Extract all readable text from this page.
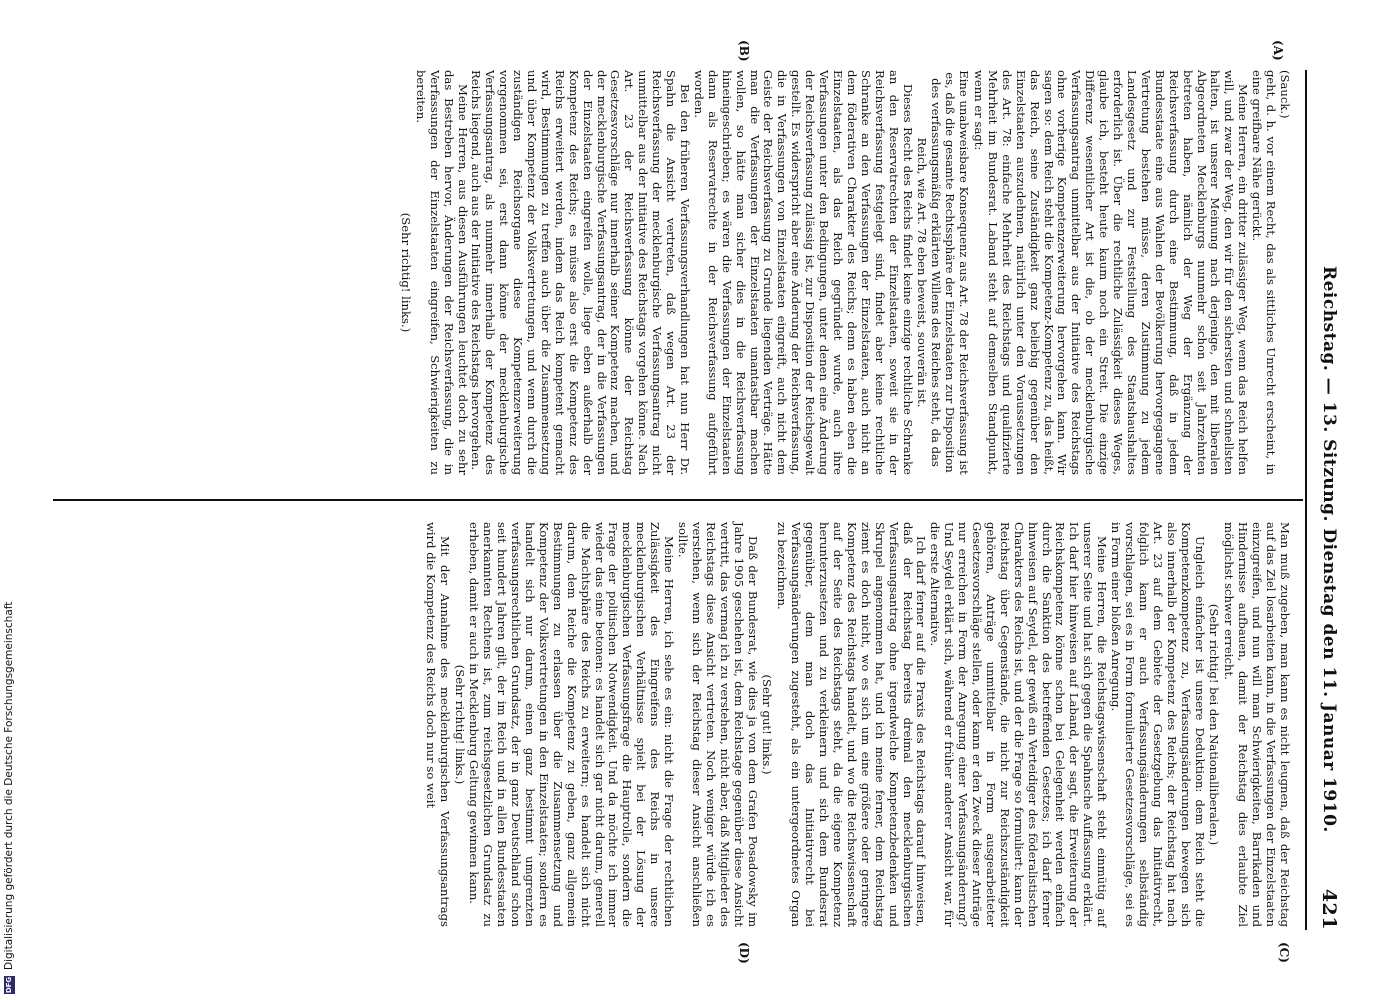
Reichstag. — 13. Sitzung. Dienstag den 11. Januar 1910.
421
(A)
(B)
(C)
(D)

(Sauck.)

geht, d. h. vor einem Recht, das als sittliches Unrecht erscheint, in eine greifbare Nähe gerückt.

Meine Herren, ein dritter zulässiger Weg, wenn das Reich helfen will, und zwar der Weg, den wir für den sichersten und schnellsten halten, ist unserer Meinung nach derjenige, den mit liberalen Abgeordneten Mecklenburgs nunmehr schon seit Jahrzehnten betreten haben, nämlich der Weg der Ergänzung der Reichsverfassung durch eine Bestimmung, daß in jedem Bundesstaate eine aus Wahlen der Bevölkerung hervorgegangene Vertretung bestehen müsse, deren Zustimmung zu jedem Landesgesetz und zur Feststellung des Staatshaushaltes erforderlich ist. Über die rechtliche Zulässigkeit dieses Weges, glaube ich, besteht heute kaum noch ein Streit. Die einzige Differenz wesentlicher Art ist die, ob der mecklenburgische Verfassungsantrag unmittelbar aus der Initiative des Reichstags ohne vorherige Kompetenzerweiterung hervorgehen kann. Wir sagen so: dem Reich steht die Kompetenz-Kompetenz zu, das heißt, das Reich, seine Zuständigkeit ganz beliebig gegenüber den Einzelstaaten auszudehnen, natürlich unter den Voraussetzungen des Art. 78: einfache Mehrheit des Reichstags und qualifizierte Mehrheit im Bundesrat. Laband steht auf demselben Standpunkt, wenn er sagt:

Eine unabweisbare Konsequenz aus Art. 78 der Reichsverfassung ist es, daß die gesamte Rechtssphäre der Einzelstaaten zur Disposition des verfassungsmäßig erklärten Willens des Reiches steht, da das Reich, wie Art. 78 eben beweist, souverän ist.

Dieses Recht des Reichs findet keine einzige rechtliche Schranke an den Reservatrechten der Einzelstaaten, soweit sie in der Reichsverfassung festgelegt sind, findet aber keine rechtliche Schranke an den Verfassungen der Einzelstaaten, auch nicht an dem föderativen Charakter des Reichs; denn es haben eben die Einzelstaaten, als das Reich gegründet wurde, auch ihre Verfassungen unter den Bedingungen, unter denen eine Änderung der Reichsverfassung zulässig ist, zur Disposition der Reichsgewalt gestellt. Es widerspricht aber eine Änderung der Reichsverfassung, die in Verfassungen von Einzelstaaten eingreift, auch nicht dem Geiste der Reichsverfassung zu Grunde liegenden Verträge. Hätte man die Verfassungen der Einzelstaaten unantastbar machen wollen, so hätte man sicher dies in die Reichsverfassung hineingeschrieben; es wären die Verfassungen der Einzelstaaten dann als Reservatrechte in der Reichsverfassung aufgeführt worden.

Bei den früheren Verfassungsverhandlungen hat nun Herr Dr. Spahn die Ansicht vertreten, daß wegen Art. 23 der Reichsverfassung der mecklenburgische Verfassungsantrag nicht unmittelbar aus der Initiative des Reichstags vorgehen könne. Nach Art. 23 der Reichsverfassung könne der Reichstag Gesetzesvorschläge nur innerhalb seiner Kompetenz machen, und der mecklenburgische Verfassungsantrag, der in die Verfassungen der Einzelstaaten eingreifen wolle, liege eben außerhalb der Kompetenz des Reichs; es müsse also erst die Kompetenz des Reichs erweitert werden, indem das Reich kompetent gemacht wird, Bestimmungen zu treffen auch über die Zusammensetzung und über Kompetenz der Volksvertretungen, und wenn durch die zuständigen Reichsorgane diese Kompetenzerweiterung vorgenommen sei, erst dann könne der mecklenburgische Verfassungsantrag, als nunmehr innerhalb der Kompetenz des Reichs liegend, auch aus der Initiative des Reichstags hervorgehen.

Meine Herren, aus diesen Ausführungen leuchtet doch zu sehr das Bestreben hervor, Änderungen der Reichsverfassung, die in Verfassungen der Einzelstaaten eingreifen, Schwierigkeiten zu bereiten.

(Sehr richtig! links.)

Man muß zugeben, man kann es nicht leugnen, daß der Reichstag auf das Ziel losarbeiten kann, in die Verfassungen der Einzelstaaten einzugreifen, und nun will man Schwierigkeiten, Barrikaden und Hindernisse aufbauen, damit der Reichstag dies erlaubte Ziel möglichst schwer erreicht.

(Sehr richtig! bei den Nationalliberalen.)

Ungleich einfacher ist unsere Deduktion: dem Reich steht die Kompetenzkompetenz zu, Verfassungsänderungen bewegen sich also innerhalb der Kompetenz des Reichs; der Reichstag hat nach Art. 23 auf dem Gebiete der Gesetzgebung das Initiativrecht, folglich kann er auch Verfassungsänderungen selbständig vorschlagen, sei es in Form formulierter Gesetzesvorschläge, sei es in Form einer bloßen Anregung.

Meine Herren, die Reichstagswissenschaft steht einmütig auf unserer Seite und hat sich gegen die Spahnsche Auffassung erklärt. Ich darf hier hinweisen auf Laband, der sagt, die Erweiterung der Reichskompetenz könne schon bei Gelegenheit werden einfach durch die Sanktion des betreffenden Gesetzes; ich darf ferner hinweisen auf Seydel, der gewiß ein Verteidiger des föderalistischen Charakters des Reichs ist, und der die Frage so formuliert: kann der Reichstag über Gegenstände, die nicht zur Reichszuständigkeit gehören, Anträge unmittelbar in Form ausgearbeiteter Gesetzesvorschläge stellen, oder kann er den Zweck dieser Anträge nur erreichen in Form der Anregung einer Verfassungsänderung? Und Seydel erklärt sich, während er früher anderer Ansicht war, für die erste Alternative.

Ich darf ferner auf die Praxis des Reichstags darauf hinweisen, daß der Reichstag bereits dreimal den mecklenburgischen Verfassungsantrag ohne irgendwelche Kompetenzbedenken und Skrupel angenommen hat, und ich meine ferner, dem Reichstag ziemt es doch nicht, wo es sich um eine größere oder geringere Kompetenz des Reichstags handelt, und wo die Reichswissenschaft auf der Seite des Reichstags steht, da die eigene Kompetenz herunterzusetzen und zu verkleinern und sich dem Bundesrat gegenüber, dem man doch das Initiativrecht bei Verfassungsänderungen zugesteht, als ein untergeordnetes Organ zu bezeichnen.

(Sehr gut! links.)

Daß der Bundesrat, wie dies ja von dem Grafen Posadowsky im Jahre 1905 geschehen ist, dem Reichstage gegenüber diese Ansicht vertritt, das vermag ich zu verstehen, nicht aber, daß Mitglieder des Reichstags diese Ansicht vertreten. Noch weniger würde ich es verstehen, wenn sich der Reichstag dieser Ansicht anschließen sollte.

Meine Herren, ich sehe es ein: nicht die Frage der rechtlichen Zulässigkeit des Eingreifens des Reichs in unsere mecklenburgischen Verhältnisse spielt bei der Lösung der mecklenburgischen Verfassungsfrage die Hauptrolle, sondern die Frage der politischen Notwendigkeit. Und da möchte ich immer wieder das eine betonen: es handelt sich gar nicht darum, generell die Machtsphäre des Reichs zu erweitern; es handelt sich nicht darum, dem Reiche die Kompetenz zu geben, ganz allgemein Bestimmungen zu erlassen über die Zusammensetzung und Kompetenz der Volksvertretungen in den Einzelstaaten; sondern es handelt sich nur darum, einen ganz bestimmt umgrenzten verfassungsrechtlichen Grundsatz, der in ganz Deutschland schon seit hundert Jahren gilt, der im Reich und in allen Bundesstaaten anerkannten Rechtens ist, zum reichsgesetzlichen Grundsatz zu erheben, damit er auch in Mecklenburg Geltung gewinnen kann.

(Sehr richtig! links.)

Mit der Annahme des mecklenburgischen Verfassungsantrags wird die Kompetenz des Reichs doch nur so weit

DFG
Digitalisierung gefördert durch die Deutsche Forschungsgemeinschaft
